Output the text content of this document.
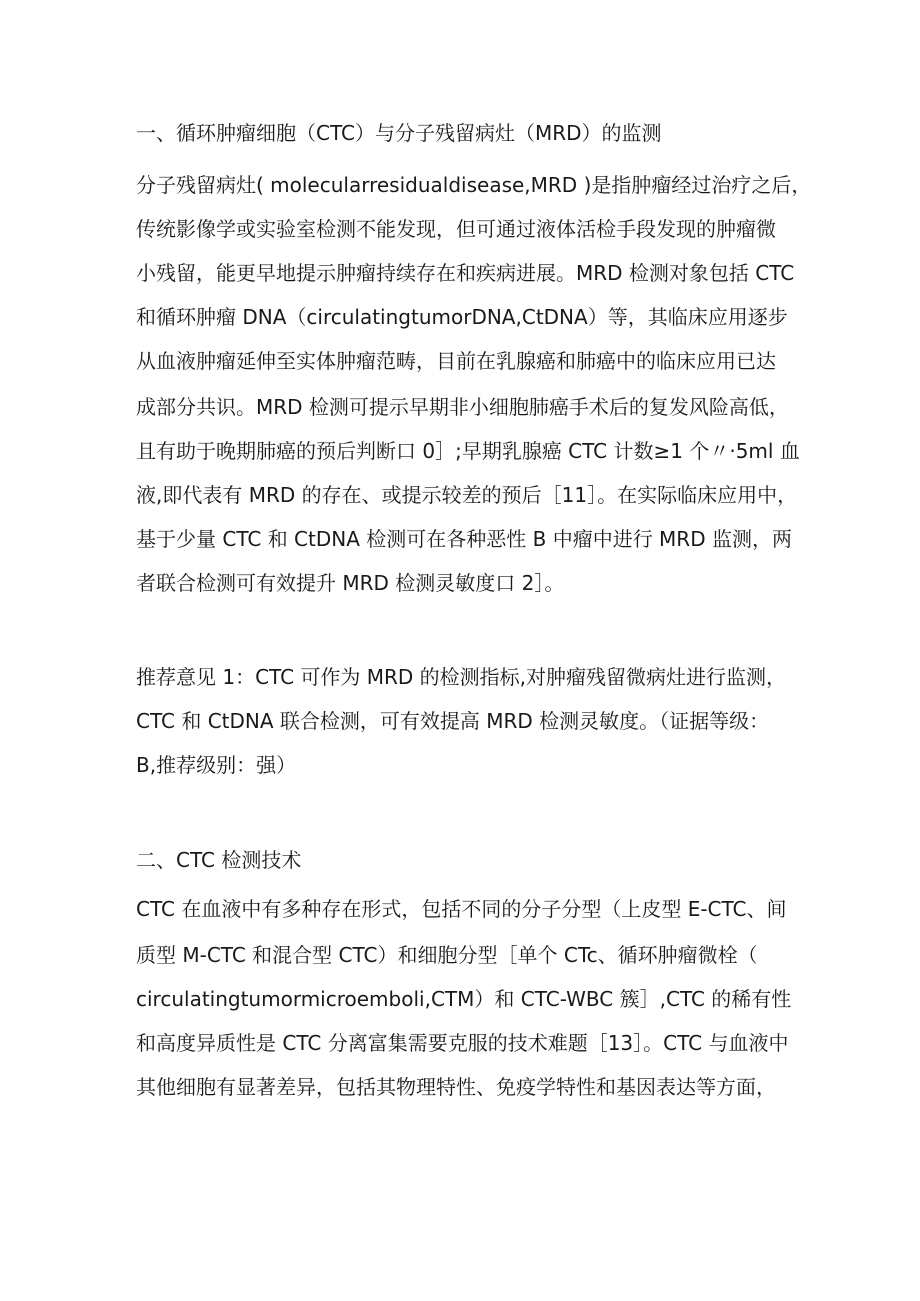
一、循环肿瘤细胞（CTC）与分子残留病灶（MRD）的监测

分子残留病灶( molecularresidualdisease,MRD )是指肿瘤经过治疗之后，

传统影像学或实验室检测不能发现，但可通过液体活检手段发现的肿瘤微

小残留，能更早地提示肿瘤持续存在和疾病进展。MRD 检测对象包括 CTC

和循环肿瘤 DNA（circulatingtumorDNA,CtDNA）等，其临床应用逐步

从血液肿瘤延伸至实体肿瘤范畴，目前在乳腺癌和肺癌中的临床应用已达

成部分共识。MRD 检测可提示早期非小细胞肺癌手术后的复发风险高低，

且有助于晚期肺癌的预后判断口 0］;早期乳腺癌 CTC 计数≥1 个〃·5ml 血

液,即代表有 MRD 的存在、或提示较差的预后［11］。在实际临床应用中，

基于少量 CTC 和 CtDNA 检测可在各种恶性 B 中瘤中进行 MRD 监测，两

者联合检测可有效提升 MRD 检测灵敏度口 2］。

推荐意见 1：CTC 可作为 MRD 的检测指标,对肿瘤残留微病灶进行监测，

CTC 和 CtDNA 联合检测，可有效提高 MRD 检测灵敏度。（证据等级：

B,推荐级别：强）

二、CTC 检测技术

CTC 在血液中有多种存在形式，包括不同的分子分型（上皮型 E-CTC、间

质型 M-CTC 和混合型 CTC）和细胞分型［单个 CTc、循环肿瘤微栓（

circulatingtumormicroemboli,CTM）和 CTC-WBC 簇］,CTC 的稀有性

和高度异质性是 CTC 分离富集需要克服的技术难题［13］。CTC 与血液中

其他细胞有显著差异，包括其物理特性、免疫学特性和基因表达等方面，
